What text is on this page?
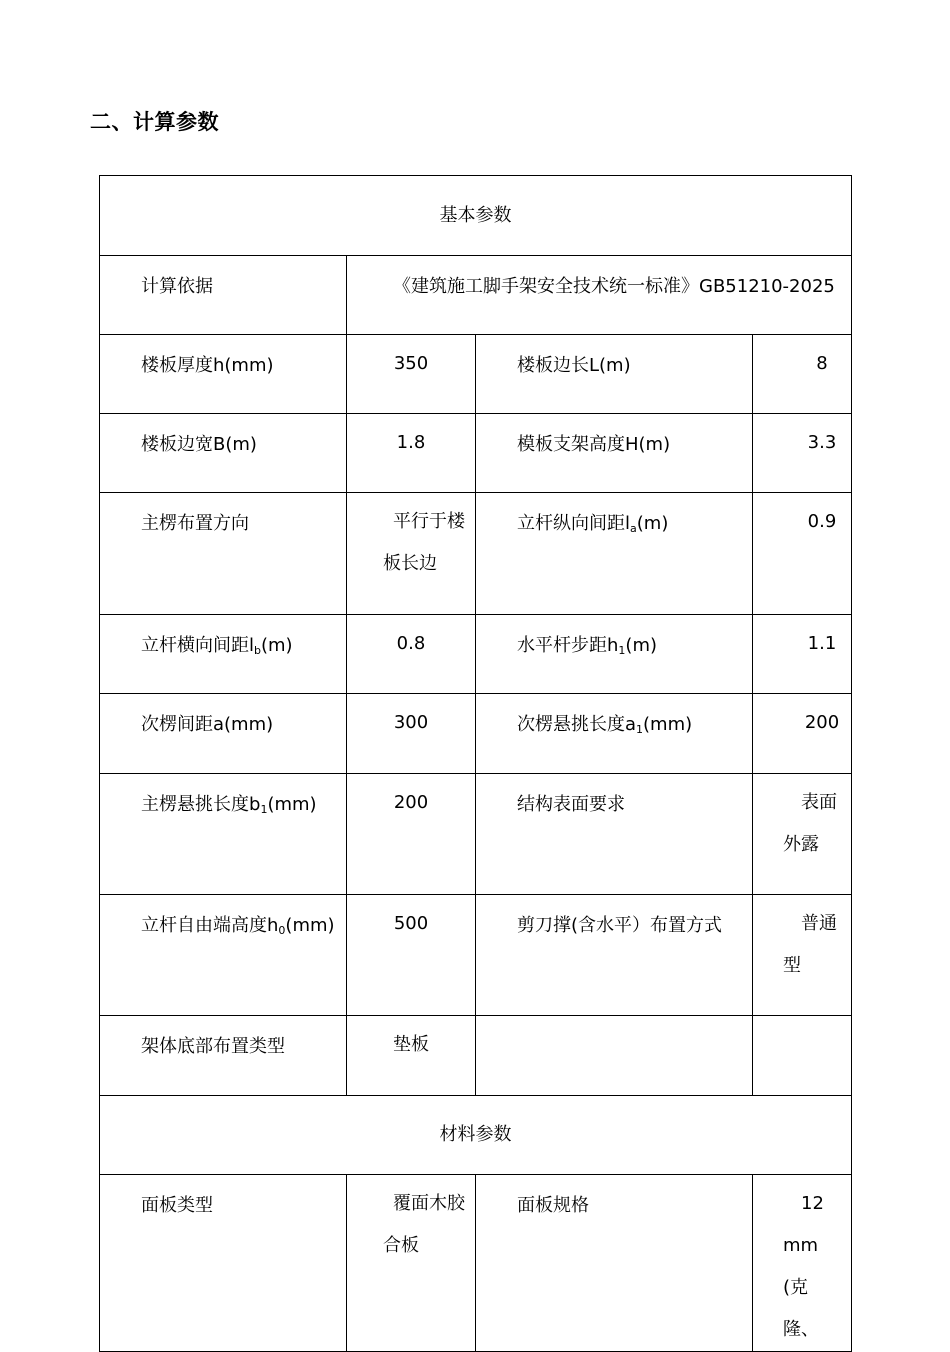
二、计算参数
基本参数			
计算依据	《建筑施工脚手架安全技术统一标准》GB51210-2025		
楼板厚度h(mm)	350	楼板边长L(m)	8
楼板边宽B(m)	1.8	模板支架高度H(m)	3.3
主楞布置方向	平行于楼板长边	立杆纵向间距$l_a(m)$	0.9
立杆横向间距$l_b(m)$	0.8	水平杆步距$h_1(m)$	1.1
次楞间距a(mm)	300	次楞悬挑长度$a_1(mm)$	200
主楞悬挑长度$b_1(mm)$	200	结构表面要求	表面外露
立杆自由端高度$h_0(mm)$	500	剪刀撑(含水平）布置方式	普通型
架体底部布置类型	垫板		
材料参数			
面板类型	覆面木胶合板	面板规格	12mm(克隆、
